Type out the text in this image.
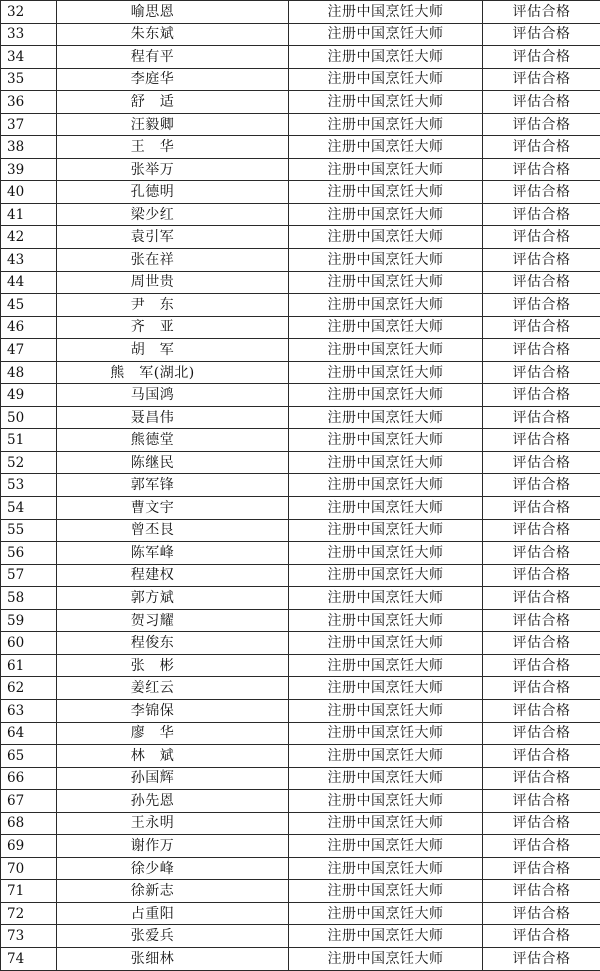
32	喻思恩	注册中国烹饪大师	评估合格
33	朱东斌	注册中国烹饪大师	评估合格
34	程有平	注册中国烹饪大师	评估合格
35	李庭华	注册中国烹饪大师	评估合格
36	舒　适	注册中国烹饪大师	评估合格
37	汪毅卿	注册中国烹饪大师	评估合格
38	王　华	注册中国烹饪大师	评估合格
39	张举万	注册中国烹饪大师	评估合格
40	孔德明	注册中国烹饪大师	评估合格
41	梁少红	注册中国烹饪大师	评估合格
42	袁引军	注册中国烹饪大师	评估合格
43	张在祥	注册中国烹饪大师	评估合格
44	周世贵	注册中国烹饪大师	评估合格
45	尹　东	注册中国烹饪大师	评估合格
46	齐　亚	注册中国烹饪大师	评估合格
47	胡　军	注册中国烹饪大师	评估合格
48	熊　军(湖北)	注册中国烹饪大师	评估合格
49	马国鸿	注册中国烹饪大师	评估合格
50	聂昌伟	注册中国烹饪大师	评估合格
51	熊德堂	注册中国烹饪大师	评估合格
52	陈继民	注册中国烹饪大师	评估合格
53	郭军锋	注册中国烹饪大师	评估合格
54	曹文宇	注册中国烹饪大师	评估合格
55	曾丕艮	注册中国烹饪大师	评估合格
56	陈军峰	注册中国烹饪大师	评估合格
57	程建权	注册中国烹饪大师	评估合格
58	郭方斌	注册中国烹饪大师	评估合格
59	贺习耀	注册中国烹饪大师	评估合格
60	程俊东	注册中国烹饪大师	评估合格
61	张　彬	注册中国烹饪大师	评估合格
62	姜红云	注册中国烹饪大师	评估合格
63	李锦保	注册中国烹饪大师	评估合格
64	廖　华	注册中国烹饪大师	评估合格
65	林　斌	注册中国烹饪大师	评估合格
66	孙国辉	注册中国烹饪大师	评估合格
67	孙先恩	注册中国烹饪大师	评估合格
68	王永明	注册中国烹饪大师	评估合格
69	谢作万	注册中国烹饪大师	评估合格
70	徐少峰	注册中国烹饪大师	评估合格
71	徐新志	注册中国烹饪大师	评估合格
72	占重阳	注册中国烹饪大师	评估合格
73	张爱兵	注册中国烹饪大师	评估合格
74	张细林	注册中国烹饪大师	评估合格
